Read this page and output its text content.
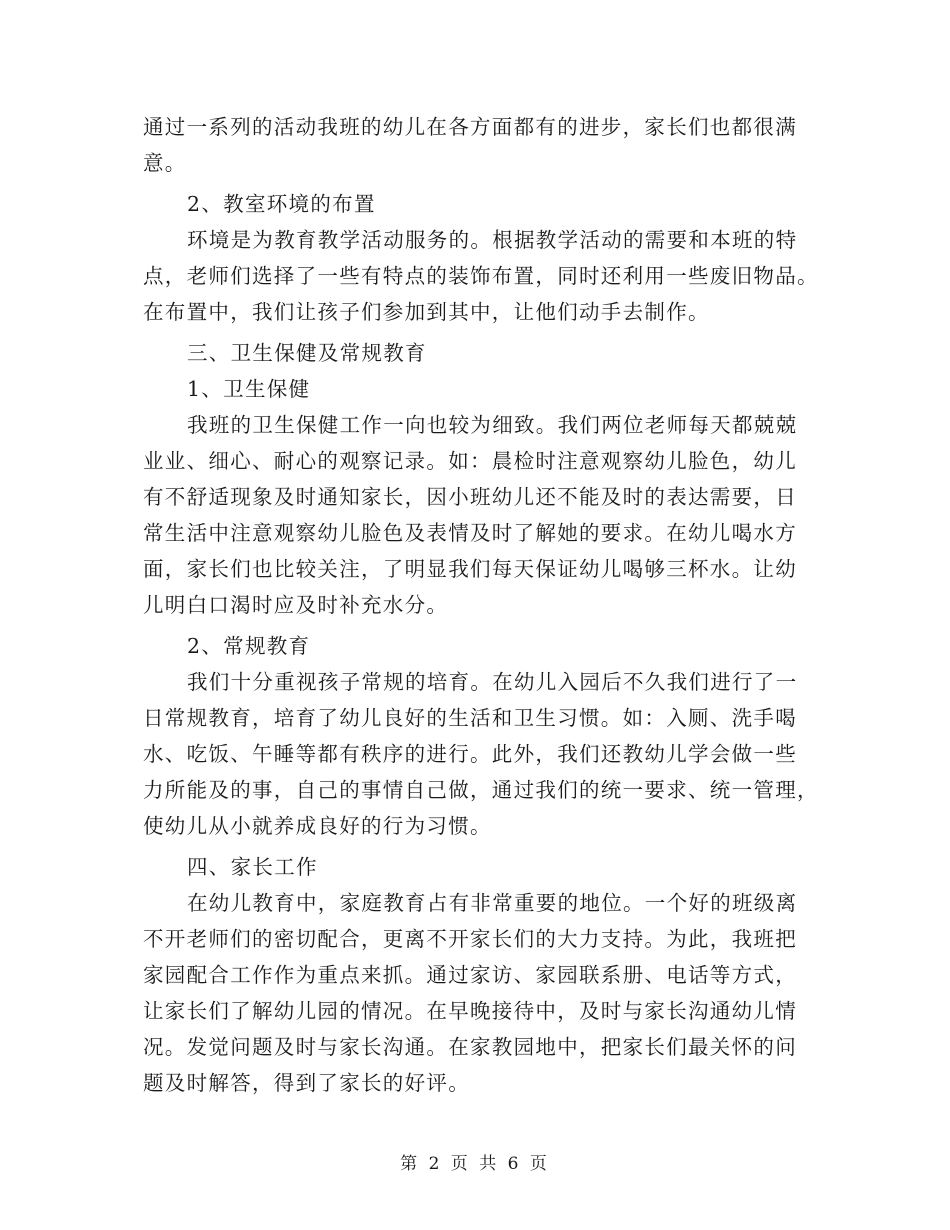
通过一系列的活动我班的幼儿在各方面都有的进步，家长们也都很满
意。
2、教室环境的布置
环境是为教育教学活动服务的。根据教学活动的需要和本班的特
点，老师们选择了一些有特点的装饰布置，同时还利用一些废旧物品。
在布置中，我们让孩子们参加到其中，让他们动手去制作。
三、卫生保健及常规教育
1、卫生保健
我班的卫生保健工作一向也较为细致。我们两位老师每天都兢兢
业业、细心、耐心的观察记录。如：晨检时注意观察幼儿脸色，幼儿
有不舒适现象及时通知家长，因小班幼儿还不能及时的表达需要，日
常生活中注意观察幼儿脸色及表情及时了解她的要求。在幼儿喝水方
面，家长们也比较关注，了明显我们每天保证幼儿喝够三杯水。让幼
儿明白口渴时应及时补充水分。
2、常规教育
我们十分重视孩子常规的培育。在幼儿入园后不久我们进行了一
日常规教育，培育了幼儿良好的生活和卫生习惯。如：入厕、洗手喝
水、吃饭、午睡等都有秩序的进行。此外，我们还教幼儿学会做一些
力所能及的事，自己的事情自己做，通过我们的统一要求、统一管理，
使幼儿从小就养成良好的行为习惯。
四、家长工作
在幼儿教育中，家庭教育占有非常重要的地位。一个好的班级离
不开老师们的密切配合，更离不开家长们的大力支持。为此，我班把
家园配合工作作为重点来抓。通过家访、家园联系册、电话等方式，
让家长们了解幼儿园的情况。在早晚接待中，及时与家长沟通幼儿情
况。发觉问题及时与家长沟通。在家教园地中，把家长们最关怀的问
题及时解答，得到了家长的好评。
第 2 页 共 6 页
